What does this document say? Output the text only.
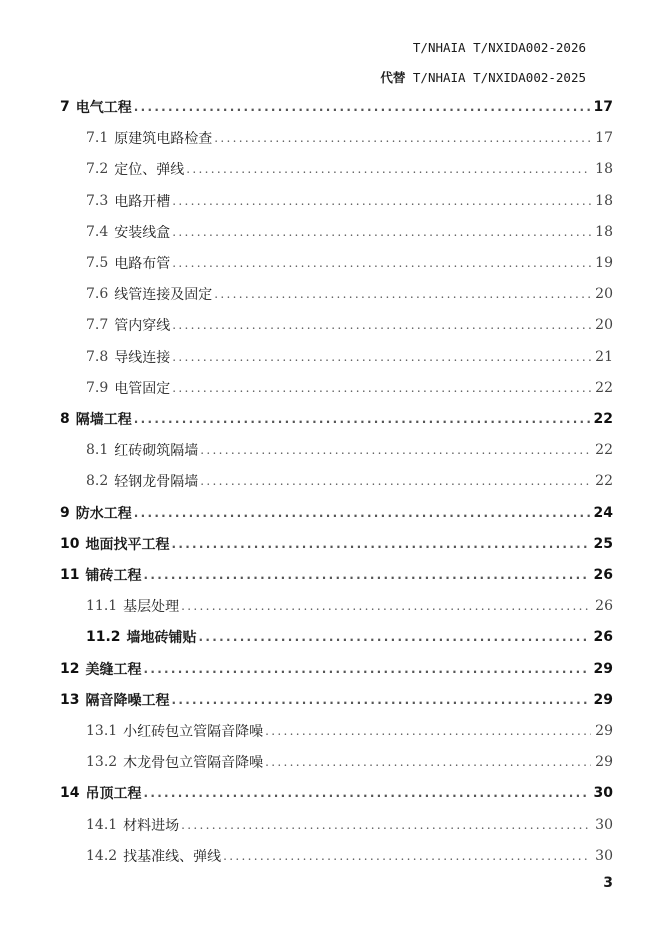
T/NHAIA T/NXIDA002-2026
代替 T/NHAIA T/NXIDA002-2025
7 电气工程 .....	17
7.1 原建筑电路检查 .....	17
7.2 定位、弹线 .....	18
7.3 电路开槽 .....	18
7.4 安装线盒 .....	18
7.5 电路布管 .....	19
7.6 线管连接及固定 .....	20
7.7 管内穿线 .....	20
7.8 导线连接 .....	21
7.9 电管固定 .....	22
8 隔墙工程 .....	22
8.1 红砖砌筑隔墙 .....	22
8.2 轻钢龙骨隔墙 .....	22
9 防水工程 .....	24
10 地面找平工程 .....	25
11 铺砖工程 .....	26
11.1 基层处理 .....	26
11.2 墙地砖铺贴 .....	26
12 美缝工程 .....	29
13 隔音降噪工程 .....	29
13.1 小红砖包立管隔音降噪 .....	29
13.2 木龙骨包立管隔音降噪 .....	29
14 吊顶工程 .....	30
14.1 材料进场 .....	30
14.2 找基准线、弹线 .....	30
3
